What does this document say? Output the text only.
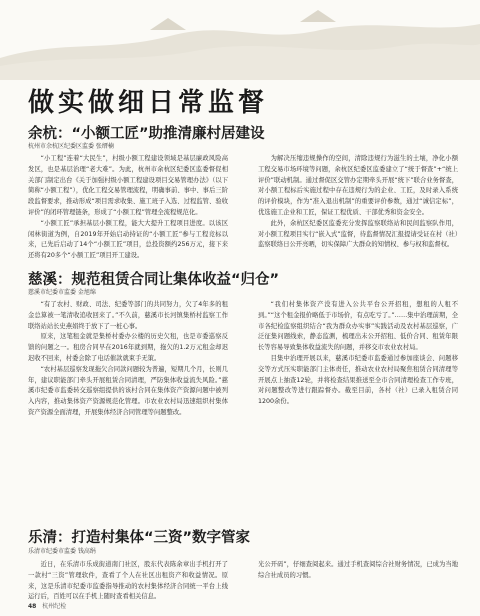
做实做细日常监督
余杭：“小额工匠”助推清廉村居建设
杭州市余杭区纪委区监委 张缙楠

“小工程”连着“大民生”，村级小额工程建设领域是基层廉政风险高发区，也是基层治理“老大难”。为此，杭州市余杭区纪委区监委督促相关部门制定出台《关于加强村级小额工程建设项目交易管理办法》（以下简称“小额工程”），优化工程交易管理流程，明确事前、事中、事后三阶段监督要求，推动形成“项目需求收集、施工班子入选、过程监管、验收评价”的闭环管理链条，形成了“小额工程”管理全流程规范化。

“小额工匠”承担基层小额工程，能大大提升工程项目进度。以该区闲林街道为例，自2019年开始启动持证的“小额工匠”参与工程竞标以来，已先后启动了14个“小额工匠”项目，总投资额约256万元，接下来还将有20多个“小额工匠”项目开工建设。

为解决压缩违规操作的空间，清除违规行为滋生的土壤，净化小额工程交易市场环境等问题，余杭区纪委区监委建立了“统于督查”+“统上评价”联动机制。通过督促区交管办定期牵头开展“统下”联合业务督查，对小额工程标后实施过程中存在违规行为的企业、工匠，及时录入系统的评价模块，作为“准入退出机制”的重要评价参数，通过“诚信定标”，优选施工企业和工匠，保证工程优质、干部优秀和资金安全。

此外，余杭区纪委区监委充分发挥监察联络站和民间监察队作用，对小额工程项目实行“嵌入式”监督，待监督情况汇报提请受证在村（社）监察联络日公开亮晒，切实保障广大群众的知情权、参与权和监督权。

慈溪：规范租赁合同让集体收益“归仓”
慈溪市纪委市监委 金旭绵

“有了农村、财政、司法、纪委等部门的共同努力，欠了4年多的租金总算被一笔清收追收回来了。”不久前，慈溪市长河镇集桥村监察工作联络站站长史燕娟终于放下了一桩心事。

原来，这笔租金就是集桥村委办公楼的历史欠租，也是市委巡察反馈的问题之一。租房合同早在2016年就到期，拖欠的1.2万元租金却迟迟收不回来，村委会除了电话催款就束手无策。

“农村基层巡察发现拖欠合同款问题较为普遍，短期几个月，长则几年，建议职能部门牵头开展租赁合同清理，严防集体收益流失风险。”慈溪市纪委市监委转交巡察组提供的该村合同在集体资产资源问题中被列入内容，推动集体资产资源规范化管理。市农业农村局迅速组织村集体资产资源全面清理，开展集体经济合同管理等问题整改。

“我们村集体资产没有进入公共平台公开招租，想租的人租不到。”“这个租金报价略低于市场价，有点吃亏了。”……集中治理前期，全市各纪检监察组织结合“我为群众办实事”实践活动及农村基层巡察，广泛征集问题线索，静态监测，梳理出未公开招租、低价合同、租赁年限长等容易导致集体收益流失的问题，并移交市农业农村局。

目集中治理开展以来，慈溪市纪委市监委通过参加座谈会、问题移交等方式压实职能部门主体责任，推动农业农村局聚焦租赁合同清理等开展点上抽查12轮，并将检查结果推送至全市合同清理检查工作专班，对问题整改等进行跟踪督办。截至目前，各村（社）已录入租赁合同1200余份。

乐清：打造村集体“三资”数字管家
乐清市纪委市监委 钱高绢

近日，在乐清市乐成街道南门社区，股东代表陈余章出手机打开了一款村“三资”管理软件，查看了个人在社区出租资产和收益情况。原来，这是乐清市纪委市监委指导推动的农村集体经济合同统一平台上线运行后，百姓可以在手机上随时查看相关信息。

光公开码”，仔细查阅起来。通过手机查阅综合社财务情况，已成为当地综合社成员的习惯。

48 杭州纪检
